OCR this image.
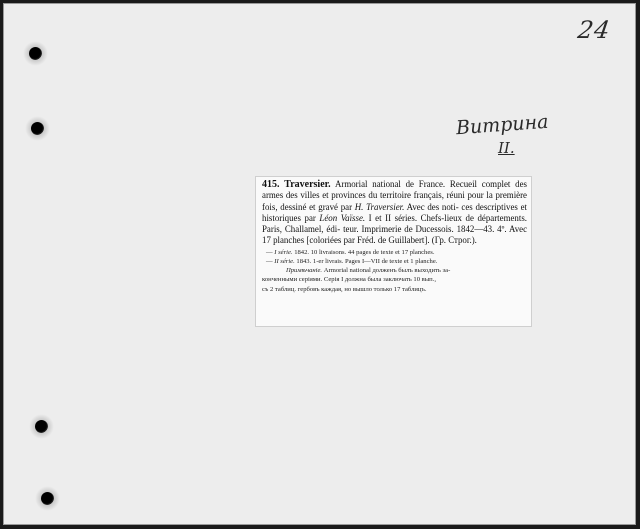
24
Витрина
II.
415. Traversier. Armorial national de France. Recueil complet des armes des villes et provinces du territoire français, réuni pour la première fois, dessiné et gravé par H. Traversier. Avec des noti- ces descriptives et historiques par Léon Vaïsse. I et II séries. Chefs-lieux de départements. Paris, Challamel, édi- teur. Imprimerie de Ducessois. 1842—43. 4º. Avec 17 planches [coloriées par Fréd. de Guillabert]. (Гр. Строг.).
— I série. 1842. 10 livraisons. 44 pages de texte et 17 planches.
— II série. 1843. 1-er livrais. Pages I—VII de texte et 1 planche.
Примѣчаніе. Armorial national долженъ былъ выходить за-
конченными серіями. Серія I должна была заключать 10 вып.,
съ 2 таблиц. гербовъ каждая, но вышло только 17 таблицъ.
